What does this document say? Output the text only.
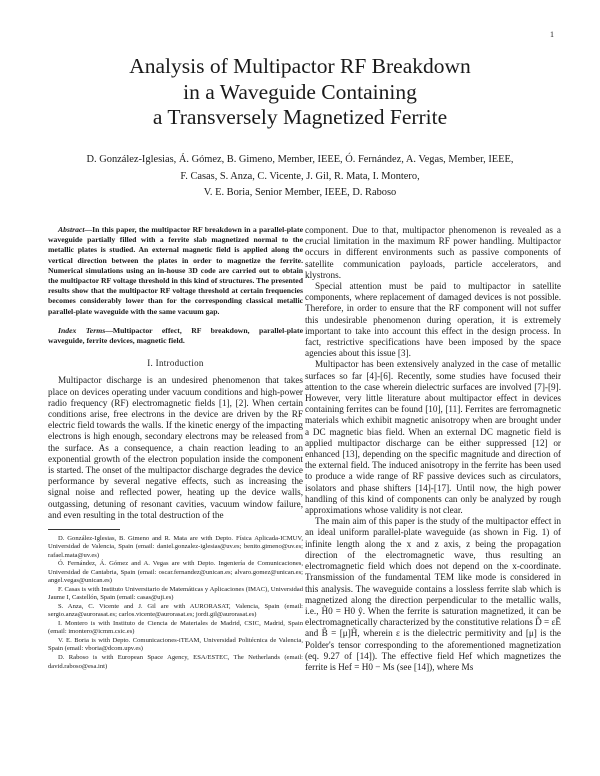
1
Analysis of Multipactor RF Breakdown
in a Waveguide Containing
a Transversely Magnetized Ferrite
D. González-Iglesias, Á. Gómez, B. Gimeno, Member, IEEE, Ó. Fernández, A. Vegas, Member, IEEE,
F. Casas, S. Anza, C. Vicente, J. Gil, R. Mata, I. Montero,
V. E. Boria, Senior Member, IEEE, D. Raboso

Abstract—In this paper, the multipactor RF breakdown in a parallel-plate waveguide partially filled with a ferrite slab magnetized normal to the metallic plates is studied. An external magnetic field is applied along the vertical direction between the plates in order to magnetize the ferrite. Numerical simulations using an in-house 3D code are carried out to obtain the multipactor RF voltage threshold in this kind of structures. The presented results show that the multipactor RF voltage threshold at certain frequencies becomes considerably lower than for the corresponding classical metallic parallel-plate waveguide with the same vacuum gap.

Index Terms—Multipactor effect, RF breakdown, parallel-plate waveguide, ferrite devices, magnetic field.

I. Introduction

Multipactor discharge is an undesired phenomenon that takes place on devices operating under vacuum conditions and high-power radio frequency (RF) electromagnetic fields [1], [2]. When certain conditions arise, free electrons in the device are driven by the RF electric field towards the walls. If the kinetic energy of the impacting electrons is high enough, secondary electrons may be released from the surface. As a consequence, a chain reaction leading to an exponential growth of the electron population inside the component is started. The onset of the multipactor discharge degrades the device performance by several negative effects, such as increasing the signal noise and reflected power, heating up the device walls, outgassing, detuning of resonant cavities, vacuum window failure, and even resulting in the total destruction of the

D. González-Iglesias, B. Gimeno and R. Mata are with Depto. Física Aplicada-ICMUV, Universidad de Valencia, Spain (email: daniel.gonzalez-iglesias@uv.es; benito.gimeno@uv.es; rafael.mata@uv.es)

Ó. Fernández, Á. Gómez and A. Vegas are with Depto. Ingeniería de Comunicaciones, Universidad de Cantabria, Spain (email: oscar.fernandez@unican.es; alvaro.gomez@unican.es; angel.vegas@unican.es)

F. Casas is with Instituto Universitario de Matemáticas y Aplicaciones (IMAC), Universidad Jaume I, Castellón, Spain (email: casas@uji.es)

S. Anza, C. Vicente and J. Gil are with AURORASAT, Valencia, Spain (email: sergio.anza@aurorasat.es; carlos.vicente@aurorasat.es; jordi.gil@aurorasat.es)

I. Montero is with Instituto de Ciencia de Materiales de Madrid, CSIC, Madrid, Spain (email: imontero@icmm.csic.es)

V. E. Boria is with Depto. Comunicaciones-iTEAM, Universidad Politécnica de Valencia, Spain (email: vboria@dcom.upv.es)

D. Raboso is with European Space Agency, ESA/ESTEC, The Netherlands (email: david.raboso@esa.int)

component. Due to that, multipactor phenomenon is revealed as a crucial limitation in the maximum RF power handling. Multipactor occurs in different environments such as passive components of satellite communication payloads, particle accelerators, and klystrons.

Special attention must be paid to multipactor in satellite components, where replacement of damaged devices is not possible. Therefore, in order to ensure that the RF component will not suffer this undesirable phenomenon during operation, it is extremely important to take into account this effect in the design process. In fact, restrictive specifications have been imposed by the space agencies about this issue [3].

Multipactor has been extensively analyzed in the case of metallic surfaces so far [4]-[6]. Recently, some studies have focused their attention to the case wherein dielectric surfaces are involved [7]-[9]. However, very little literature about multipactor effect in devices containing ferrites can be found [10], [11]. Ferrites are ferromagnetic materials which exhibit magnetic anisotropy when are brought under a DC magnetic bias field. When an external DC magnetic field is applied multipactor discharge can be either suppressed [12] or enhanced [13], depending on the specific magnitude and direction of the external field. The induced anisotropy in the ferrite has been used to produce a wide range of RF passive devices such as circulators, isolators and phase shifters [14]-[17]. Until now, the high power handling of this kind of components can only be analyzed by rough approximations whose validity is not clear.

The main aim of this paper is the study of the multipactor effect in an ideal uniform parallel-plate waveguide (as shown in Fig. 1) of infinite length along the x and z axis, z being the propagation direction of the electromagnetic wave, thus resulting an electromagnetic field which does not depend on the x-coordinate. Transmission of the fundamental TEM like mode is considered in this analysis. The waveguide contains a lossless ferrite slab which is magnetized along the direction perpendicular to the metallic walls, i.e., H̃0 = H0 ŷ. When the ferrite is saturation magnetized, it can be electromagnetically characterized by the constitutive relations D̃ = εẼ and B̃ = [μ]H̃, wherein ε is the dielectric permitivity and [μ] is the Polder's tensor corresponding to the aforementioned magnetization (eq. 9.27 of [14]). The effective field Hef which magnetizes the ferrite is Hef = H0 − Ms (see [14]), where Ms
